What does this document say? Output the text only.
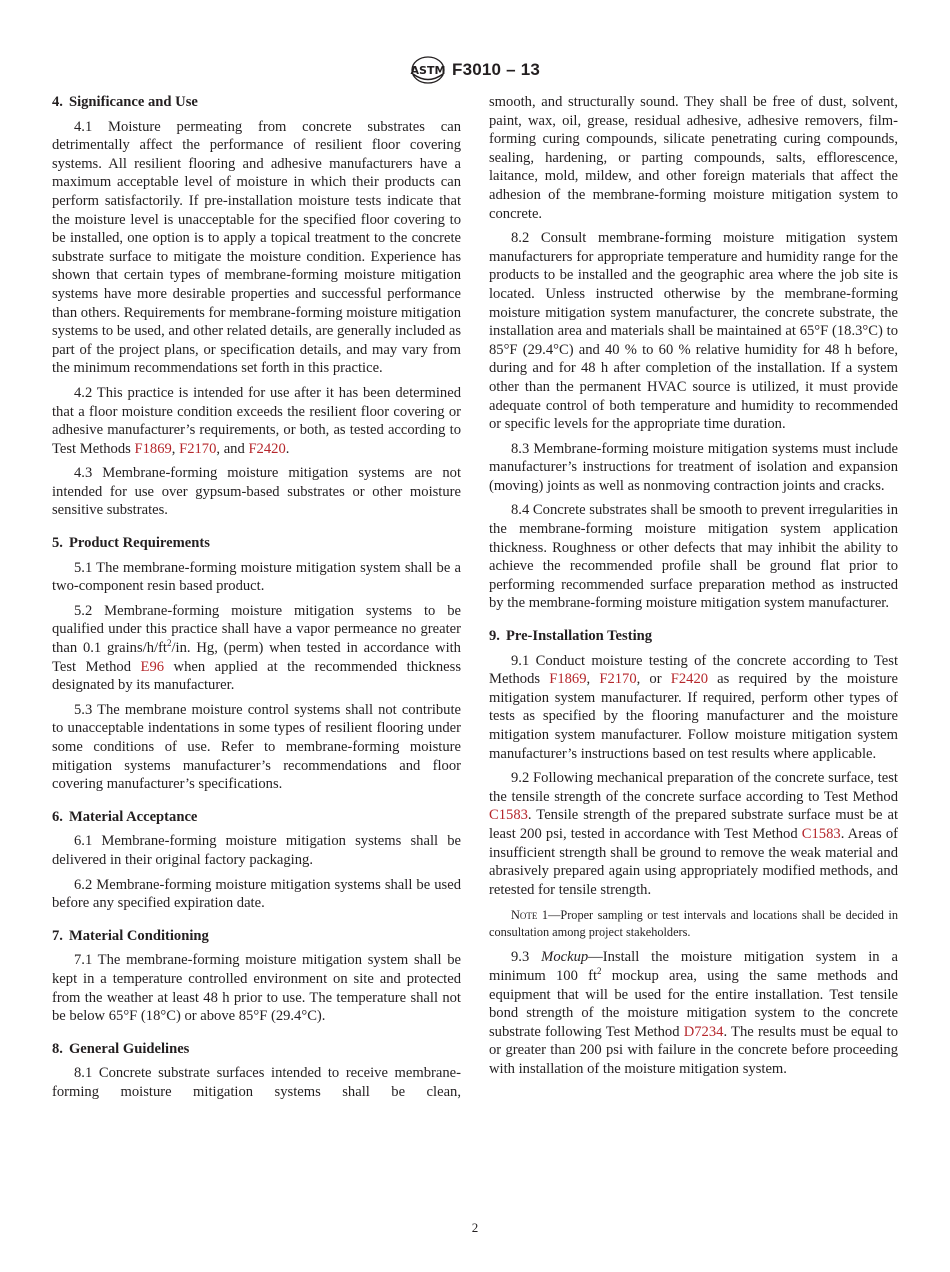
ASTM F3010 – 13
4. Significance and Use

4.1 Moisture permeating from concrete substrates can detrimentally affect the performance of resilient floor covering systems. All resilient flooring and adhesive manufacturers have a maximum acceptable level of moisture in which their products can perform satisfactorily. If pre-installation moisture tests indicate that the moisture level is unacceptable for the specified floor covering to be installed, one option is to apply a topical treatment to the concrete substrate surface to mitigate the moisture condition. Experience has shown that certain types of membrane-forming moisture mitigation systems have more desirable properties and successful performance than others. Requirements for membrane-forming moisture mitigation systems to be used, and other related details, are generally included as part of the project plans, or specification details, and may vary from the minimum recommendations set forth in this practice.

4.2 This practice is intended for use after it has been determined that a floor moisture condition exceeds the resilient floor covering or adhesive manufacturer’s requirements, or both, as tested according to Test Methods F1869, F2170, and F2420.

4.3 Membrane-forming moisture mitigation systems are not intended for use over gypsum-based substrates or other moisture sensitive substrates.

5. Product Requirements

5.1 The membrane-forming moisture mitigation system shall be a two-component resin based product.

5.2 Membrane-forming moisture mitigation systems to be qualified under this practice shall have a vapor permeance no greater than 0.1 grains/$h/ft^2/in$. Hg, (perm) when tested in accordance with Test Method E96 when applied at the recommended thickness designated by its manufacturer.

5.3 The membrane moisture control systems shall not contribute to unacceptable indentations in some types of resilient flooring under some conditions of use. Refer to membrane-forming moisture mitigation systems manufacturer’s recommendations and floor covering manufacturer’s specifications.

6. Material Acceptance

6.1 Membrane-forming moisture mitigation systems shall be delivered in their original factory packaging.

6.2 Membrane-forming moisture mitigation systems shall be used before any specified expiration date.

7. Material Conditioning

7.1 The membrane-forming moisture mitigation system shall be kept in a temperature controlled environment on site and protected from the weather at least 48 h prior to use. The temperature shall not be below 65°F (18°C) or above 85°F (29.4°C).

8. General Guidelines

8.1 Concrete substrate surfaces intended to receive membrane-forming moisture mitigation systems shall be clean,

smooth, and structurally sound. They shall be free of dust, solvent, paint, wax, oil, grease, residual adhesive, adhesive removers, film-forming curing compounds, silicate penetrating curing compounds, sealing, hardening, or parting compounds, salts, efflorescence, laitance, mold, mildew, and other foreign materials that affect the adhesion of the membrane-forming moisture mitigation system to concrete.

8.2 Consult membrane-forming moisture mitigation system manufacturers for appropriate temperature and humidity range for the products to be installed and the geographic area where the job site is located. Unless instructed otherwise by the membrane-forming moisture mitigation system manufacturer, the concrete substrate, the installation area and materials shall be maintained at 65°F (18.3°C) to 85°F (29.4°C) and 40 % to 60 % relative humidity for 48 h before, during and for 48 h after completion of the installation. If a system other than the permanent HVAC source is utilized, it must provide adequate control of both temperature and humidity to recommended or specific levels for the appropriate time duration.

8.3 Membrane-forming moisture mitigation systems must include manufacturer’s instructions for treatment of isolation and expansion (moving) joints as well as nonmoving contraction joints and cracks.

8.4 Concrete substrates shall be smooth to prevent irregularities in the membrane-forming moisture mitigation system application thickness. Roughness or other defects that may inhibit the ability to achieve the recommended profile shall be ground flat prior to performing recommended surface preparation method as instructed by the membrane-forming moisture mitigation system manufacturer.

9. Pre-Installation Testing

9.1 Conduct moisture testing of the concrete according to Test Methods F1869, F2170, or F2420 as required by the moisture mitigation system manufacturer. If required, perform other types of tests as specified by the flooring manufacturer and the moisture mitigation system manufacturer. Follow moisture mitigation system manufacturer’s instructions based on test results where applicable.

9.2 Following mechanical preparation of the concrete surface, test the tensile strength of the concrete surface according to Test Method C1583. Tensile strength of the prepared substrate surface must be at least 200 psi, tested in accordance with Test Method C1583. Areas of insufficient strength shall be ground to remove the weak material and abrasively prepared again using appropriately modified methods, and retested for tensile strength.

Note 1—Proper sampling or test intervals and locations shall be decided in consultation among project stakeholders.

9.3 Mockup—Install the moisture mitigation system in a minimum 100 $ft^2$ mockup area, using the same methods and equipment that will be used for the entire installation. Test tensile bond strength of the moisture mitigation system to the concrete substrate following Test Method D7234. The results must be equal to or greater than 200 psi with failure in the concrete before proceeding with installation of the moisture mitigation system.

2
